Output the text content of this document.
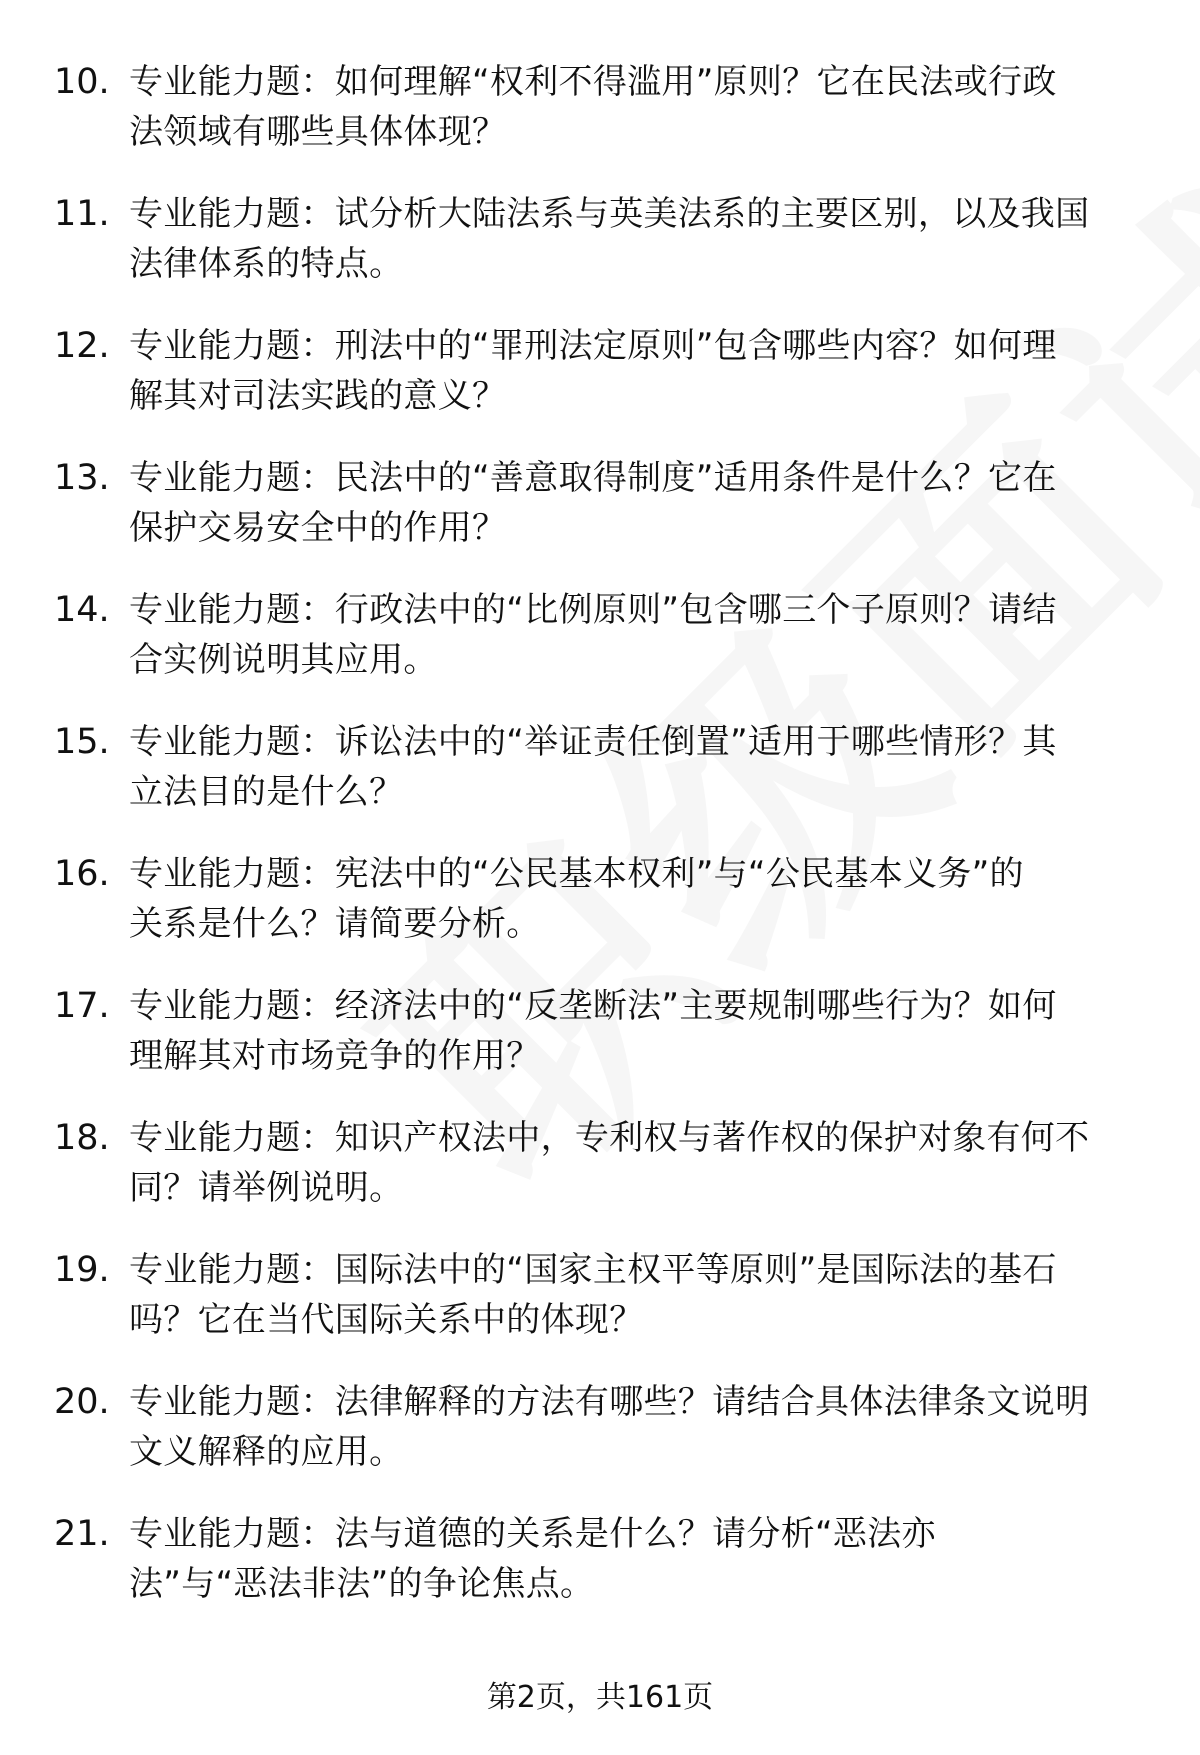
10. 专业能力题：如何理解“权利不得滥用”原则？它在民法或行政
法领域有哪些具体体现？
11. 专业能力题：试分析大陆法系与英美法系的主要区别，以及我国
法律体系的特点。
12. 专业能力题：刑法中的“罪刑法定原则”包含哪些内容？如何理
解其对司法实践的意义？
13. 专业能力题：民法中的“善意取得制度”适用条件是什么？它在
保护交易安全中的作用？
14. 专业能力题：行政法中的“比例原则”包含哪三个子原则？请结
合实例说明其应用。
15. 专业能力题：诉讼法中的“举证责任倒置”适用于哪些情形？其
立法目的是什么？
16. 专业能力题：宪法中的“公民基本权利”与“公民基本义务”的
关系是什么？请简要分析。
17. 专业能力题：经济法中的“反垄断法”主要规制哪些行为？如何
理解其对市场竞争的作用？
18. 专业能力题：知识产权法中，专利权与著作权的保护对象有何不
同？请举例说明。
19. 专业能力题：国际法中的“国家主权平等原则”是国际法的基石
吗？它在当代国际关系中的体现？
20. 专业能力题：法律解释的方法有哪些？请结合具体法律条文说明
文义解释的应用。
21. 专业能力题：法与道德的关系是什么？请分析“恶法亦
法”与“恶法非法”的争论焦点。
第2页，共161页
